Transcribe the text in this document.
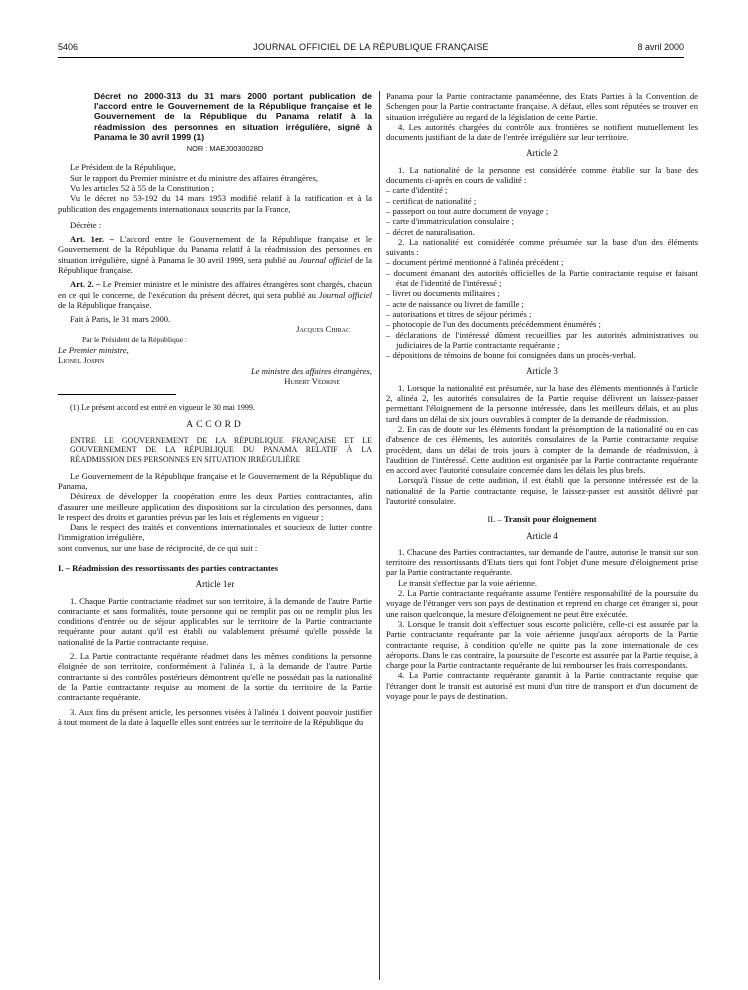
5406	JOURNAL OFFICIEL DE LA RÉPUBLIQUE FRANÇAISE	8 avril 2000

Décret no 2000-313 du 31 mars 2000 portant publication de l'accord entre le Gouvernement de la République française et le Gouvernement de la République du Panama relatif à la réadmission des personnes en situation irrégulière, signé à Panama le 30 avril 1999 (1)

NOR : MAEJ0030028D

Le Président de la République,

Sur le rapport du Premier ministre et du ministre des affaires étrangères,

Vu les articles 52 à 55 de la Constitution ;

Vu le décret no 53-192 du 14 mars 1953 modifié relatif à la ratification et à la publication des engagements internationaux souscrits par la France,

Décrète :

Art. 1er. – L'accord entre le Gouvernement de la République française et le Gouvernement de la République du Panama relatif à la réadmission des personnes en situation irrégulière, signé à Panama le 30 avril 1999, sera publié au Journal officiel de la République française.

Art. 2. – Le Premier ministre et le ministre des affaires étrangères sont chargés, chacun en ce qui le concerne, de l'exécution du présent décret, qui sera publié au Journal officiel de la République française.

Fait à Paris, le 31 mars 2000.

Jacques Chirac

Par le Président de la République :

Le Premier ministre,

Lionel Jospin

Le ministre des affaires étrangères,

Hubert Védrine

(1) Le présent accord est entré en vigueur le 30 mai 1999.

ACCORD

ENTRE LE GOUVERNEMENT DE LA RÉPUBLIQUE FRANÇAISE ET LE GOUVERNEMENT DE LA RÉPUBLIQUE DU PANAMA RELATIF À LA RÉADMISSION DES PERSONNES EN SITUATION IRRÉGULIÈRE

Le Gouvernement de la République française et le Gouvernement de la République du Panama,

Désireux de développer la coopération entre les deux Parties contractantes, afin d'assurer une meilleure application des dispositions sur la circulation des personnes, dans le respect des droits et garanties prévus par les lois et règlements en vigueur ;

Dans le respect des traités et conventions internationales et soucieux de lutter contre l'immigration irrégulière,

sont convenus, sur une base de réciprocité, de ce qui suit :

I. – Réadmission des ressortissants des parties contractantes

Article 1er

1. Chaque Partie contractante réadmet sur son territoire, à la demande de l'autre Partie contractante et sans formalités, toute personne qui ne remplit pas ou ne remplit plus les conditions d'entrée ou de séjour applicables sur le territoire de la Partie contractante requérante pour autant qu'il est établi ou valablement présumé qu'elle possède la nationalité de la Partie contractante requise.

2. La Partie contractante requérante réadmet dans les mêmes conditions la personne éloignée de son territoire, conformément à l'alinéa 1, à la demande de l'autre Partie contractante si des contrôles postérieurs démontrent qu'elle ne possédait pas la nationalité de la Partie contractante requise au moment de la sortie du territoire de la Partie contractante requérante.

3. Aux fins du présent article, les personnes visées à l'alinéa 1 doivent pouvoir justifier à tout moment de la date à laquelle elles sont entrées sur le territoire de la République du

Panama pour la Partie contractante panaméenne, des Etats Parties à la Convention de Schengen pour la Partie contractante française. A défaut, elles sont réputées se trouver en situation irrégulière au regard de la législation de cette Partie.

4. Les autorités chargées du contrôle aux frontières se notifient mutuellement les documents justifiant de la date de l'entrée irrégulière sur leur territoire.

Article 2

1. La nationalité de la personne est considérée comme établie sur la base des documents ci-après en cours de validité :

– carte d'identité ;

– certificat de nationalité ;

– passeport ou tout autre document de voyage ;

– carte d'immatriculation consulaire ;

– décret de naturalisation.

2. La nationalité est considérée comme présumée sur la base d'un des éléments suivants :

– document périmé mentionné à l'alinéa précédent ;

– document émanant des autorités officielles de la Partie contractante requise et faisant état de l'identité de l'intéressé ;

– livret ou documents militaires ;

– acte de naissance ou livret de famille ;

– autorisations et titres de séjour périmés ;

– photocopie de l'un des documents précédemment énumérés ;

– déclarations de l'intéressé dûment recueillies par les autorités administratives ou judiciaires de la Partie contractante requérante ;

– dépositions de témoins de bonne foi consignées dans un procès-verbal.

Article 3

1. Lorsque la nationalité est présumée, sur la base des éléments mentionnés à l'article 2, alinéa 2, les autorités consulaires de la Partie requise délivrent un laissez-passer permettant l'éloignement de la personne intéressée, dans les meilleurs délais, et au plus tard dans un délai de six jours ouvrables à compter de la demande de réadmission.

2. En cas de doute sur les éléments fondant la présomption de la nationalité ou en cas d'absence de ces éléments, les autorités consulaires de la Partie contractante requise procèdent, dans un délai de trois jours à compter de la demande de réadmission, à l'audition de l'intéressé. Cette audition est organisée par la Partie contractante requérante en accord avec l'autorité consulaire concernée dans les délais les plus brefs.

Lorsqu'à l'issue de cette audition, il est établi que la personne intéressée est de la nationalité de la Partie contractante requise, le laissez-passer est aussitôt délivré par l'autorité consulaire.

II. – Transit pour éloignement

Article 4

1. Chacune des Parties contractantes, sur demande de l'autre, autorise le transit sur son territoire des ressortissants d'Etats tiers qui font l'objet d'une mesure d'éloignement prise par la Partie contractante requérante.

Le transit s'effectue par la voie aérienne.

2. La Partie contractante requérante assume l'entière responsabilité de la poursuite du voyage de l'étranger vers son pays de destination et reprend en charge cet étranger si, pour une raison quelconque, la mesure d'éloignement ne peut être exécutée.

3. Lorsque le transit doit s'effectuer sous escorte policière, celle-ci est assurée par la Partie contractante requérante par la voie aérienne jusqu'aux aéroports de la Partie contractante requise, à condition qu'elle ne quitte pas la zone internationale de ces aéroports. Dans le cas contraire, la poursuite de l'escorte est assurée par la Partie requise, à charge pour la Partie contractante requérante de lui rembourser les frais correspondants.

4. La Partie contractante requérante garantit à la Partie contractante requise que l'étranger dont le transit est autorisé est muni d'un titre de transport et d'un document de voyage pour le pays de destination.
